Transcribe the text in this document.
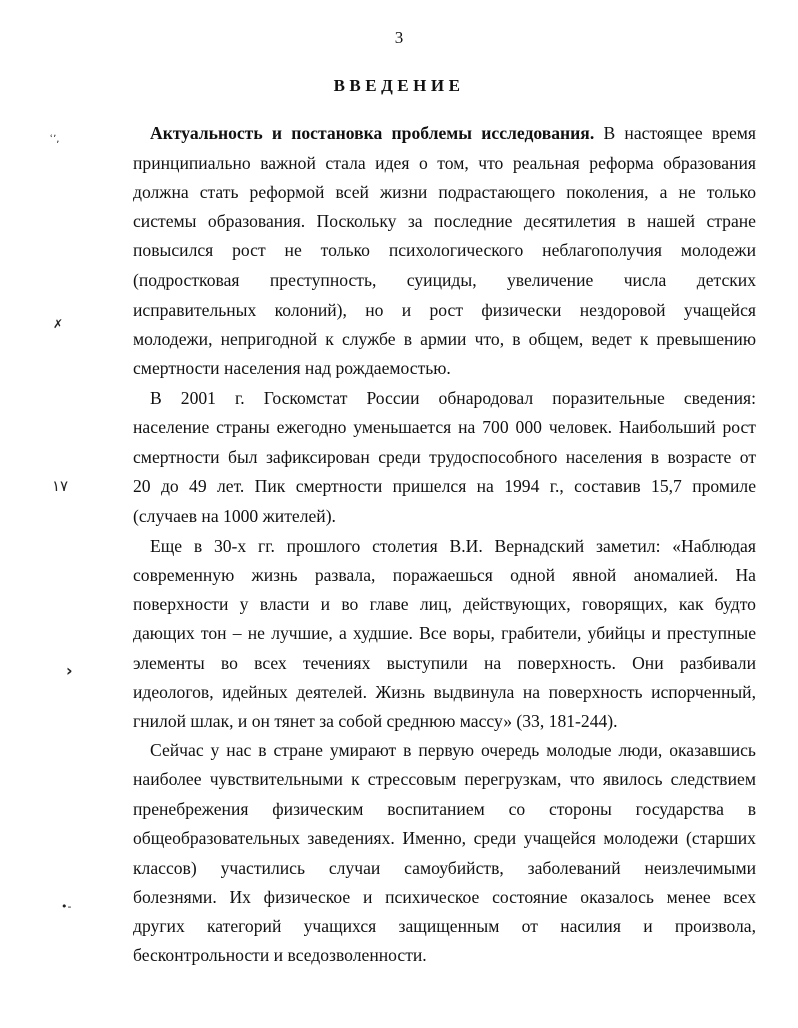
3
ВВЕДЕНИЕ
ʿʼ,
✗
١٧
›
•-
Актуальность и постановка проблемы исследования. В настоящее время
принципиально важной стала идея о том, что реальная реформа образования
должна стать реформой всей жизни подрастающего поколения, а не только
системы образования. Поскольку за последние десятилетия в нашей стране
повысился рост не только психологического неблагополучия молодежи
(подростковая преступность, суициды, увеличение числа детских
исправительных колоний), но и рост физически нездоровой учащейся
молодежи, непригодной к службе в армии что, в общем, ведет к превышению
смертности населения над рождаемостью.
В 2001 г. Госкомстат России обнародовал поразительные сведения:
население страны ежегодно уменьшается на 700 000 человек. Наибольший рост
смертности был зафиксирован среди трудоспособного населения в возрасте от
20 до 49 лет. Пик смертности пришелся на 1994 г., составив 15,7 промиле
(случаев на 1000 жителей).
Еще в 30-х гг. прошлого столетия В.И. Вернадский заметил: «Наблюдая
современную жизнь развала, поражаешься одной явной аномалией. На
поверхности у власти и во главе лиц, действующих, говорящих, как будто
дающих тон – не лучшие, а худшие. Все воры, грабители, убийцы и преступные
элементы во всех течениях выступили на поверхность. Они разбивали
идеологов, идейных деятелей. Жизнь выдвинула на поверхность испорченный,
гнилой шлак, и он тянет за собой среднюю массу» (33, 181-244).
Сейчас у нас в стране умирают в первую очередь молодые люди, оказавшись
наиболее чувствительными к стрессовым перегрузкам, что явилось следствием
пренебрежения физическим воспитанием со стороны государства в
общеобразовательных заведениях. Именно, среди учащейся молодежи (старших
классов) участились случаи самоубийств, заболеваний неизлечимыми
болезнями. Их физическое и психическое состояние оказалось менее всех
других категорий учащихся защищенным от насилия и произвола,
бесконтрольности и вседозволенности.
